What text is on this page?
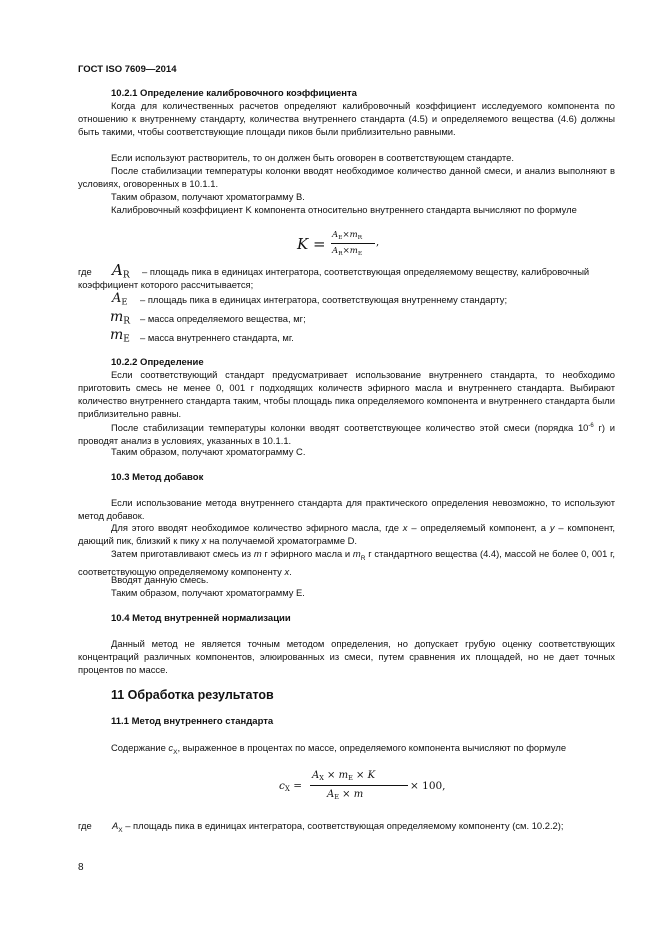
ГОСТ ISO 7609—2014
10.2.1 Определение калибровочного коэффициента

Когда для количественных расчетов определяют калибровочный коэффициент исследуемого компонента по отношению к внутреннему стандарту, количества внутреннего стандарта (4.5) и определяемого вещества (4.6) должны быть такими, чтобы соответствующие площади пиков были приблизительно равными.

Если используют растворитель, то он должен быть оговорен в соответствующем стандарте.

После стабилизации температуры колонки вводят необходимое количество данной смеси, и анализ выполняют в условиях, оговоренных в 10.1.1.

Таким образом, получают хроматограмму В.

Калибровочный коэффициент K компонента относительно внутреннего стандарта вычисляют по формуле

$K = A_E\times m_R$
$A_R\times m_E$
,
где $A_R$	– площадь пика в единицах интегратора, соответствующая определяемому веществу, калибровочный коэффициент которого рассчитывается;
$A_E$ – площадь пика в единицах интегратора, соответствующая внутреннему стандарту;
$m_R$ – масса определяемого вещества, мг;
$m_E$ – масса внутреннего стандарта, мг.
10.2.2 Определение

Если соответствующий стандарт предусматривает использование внутреннего стандарта, то необходимо приготовить смесь не менее 0, 001 г подходящих количеств эфирного масла и внутреннего стандарта. Выбирают количество внутреннего стандарта таким, чтобы площадь пика определяемого компонента и внутреннего стандарта были приблизительно равны.

После стабилизации температуры колонки вводят соответствующее количество этой смеси (порядка $10^{-6}$ г) и проводят анализ в условиях, указанных в 10.1.1.

Таким образом, получают хроматограмму С.

10.3 Метод добавок

Если использование метода внутреннего стандарта для практического определения невозможно, то используют метод добавок.

Для этого вводят необходимое количество эфирного масла, где x – определяемый компонент, а y – компонент, дающий пик, близкий к пику x на получаемой хроматограмме D.

Затем приготавливают смесь из m г эфирного масла и $m_R$ г стандартного вещества (4.4), массой не более 0, 001 г, соответствующую определяемому компоненту x.

Вводят данную смесь.

Таким образом, получают хроматограмму Е.

10.4 Метод внутренней нормализации

Данный метод не является точным методом определения, но допускает грубую оценку соответствующих концентраций различных компонентов, элюированных из смеси, путем сравнения их площадей, но не дает точных процентов по массе.

11 Обработка результатов
11.1 Метод внутреннего стандарта

Содержание $c_X$, выраженное в процентах по массе, определяемого компонента вычисляют по формуле

$c_X$ =
$A_X \times m_E \times K$
$A_E \times m$
× 100,
где $A_X$ – площадь пика в единицах интегратора, соответствующая определяемому компоненту (см. 10.2.2);
8
